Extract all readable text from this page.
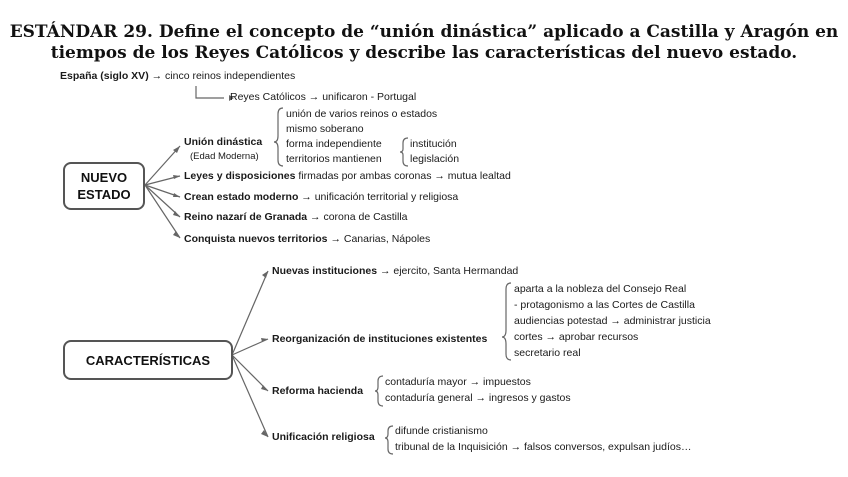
ESTÁNDAR 29. Define el concepto de “unión dinástica” aplicado a Castilla y Aragón en
tiempos de los Reyes Católicos y describe las características del nuevo estado.
España (siglo XV) → cinco reinos independientes
Reyes Católicos → unificaron - Portugal
NUEVO
ESTADO
Unión dinástica
(Edad Moderna)
unión de varios reinos o estados
mismo soberano
forma independiente
territorios mantienen
institución
legislación
Leyes y disposiciones firmadas por ambas coronas → mutua lealtad
Crean estado moderno → unificación territorial y religiosa
Reino nazarí de Granada → corona de Castilla
Conquista nuevos territorios → Canarias, Nápoles
CARACTERÍSTICAS
Nuevas instituciones → ejercito, Santa Hermandad
Reorganización de instituciones existentes
aparta a la nobleza del Consejo Real
- protagonismo a las Cortes de Castilla
audiencias potestad → administrar justicia
cortes → aprobar recursos
secretario real
Reforma hacienda
contaduría mayor → impuestos
contaduría general → ingresos y gastos
Unificación religiosa difunde cristianismo
tribunal de la Inquisición → falsos conversos, expulsan judíos…
